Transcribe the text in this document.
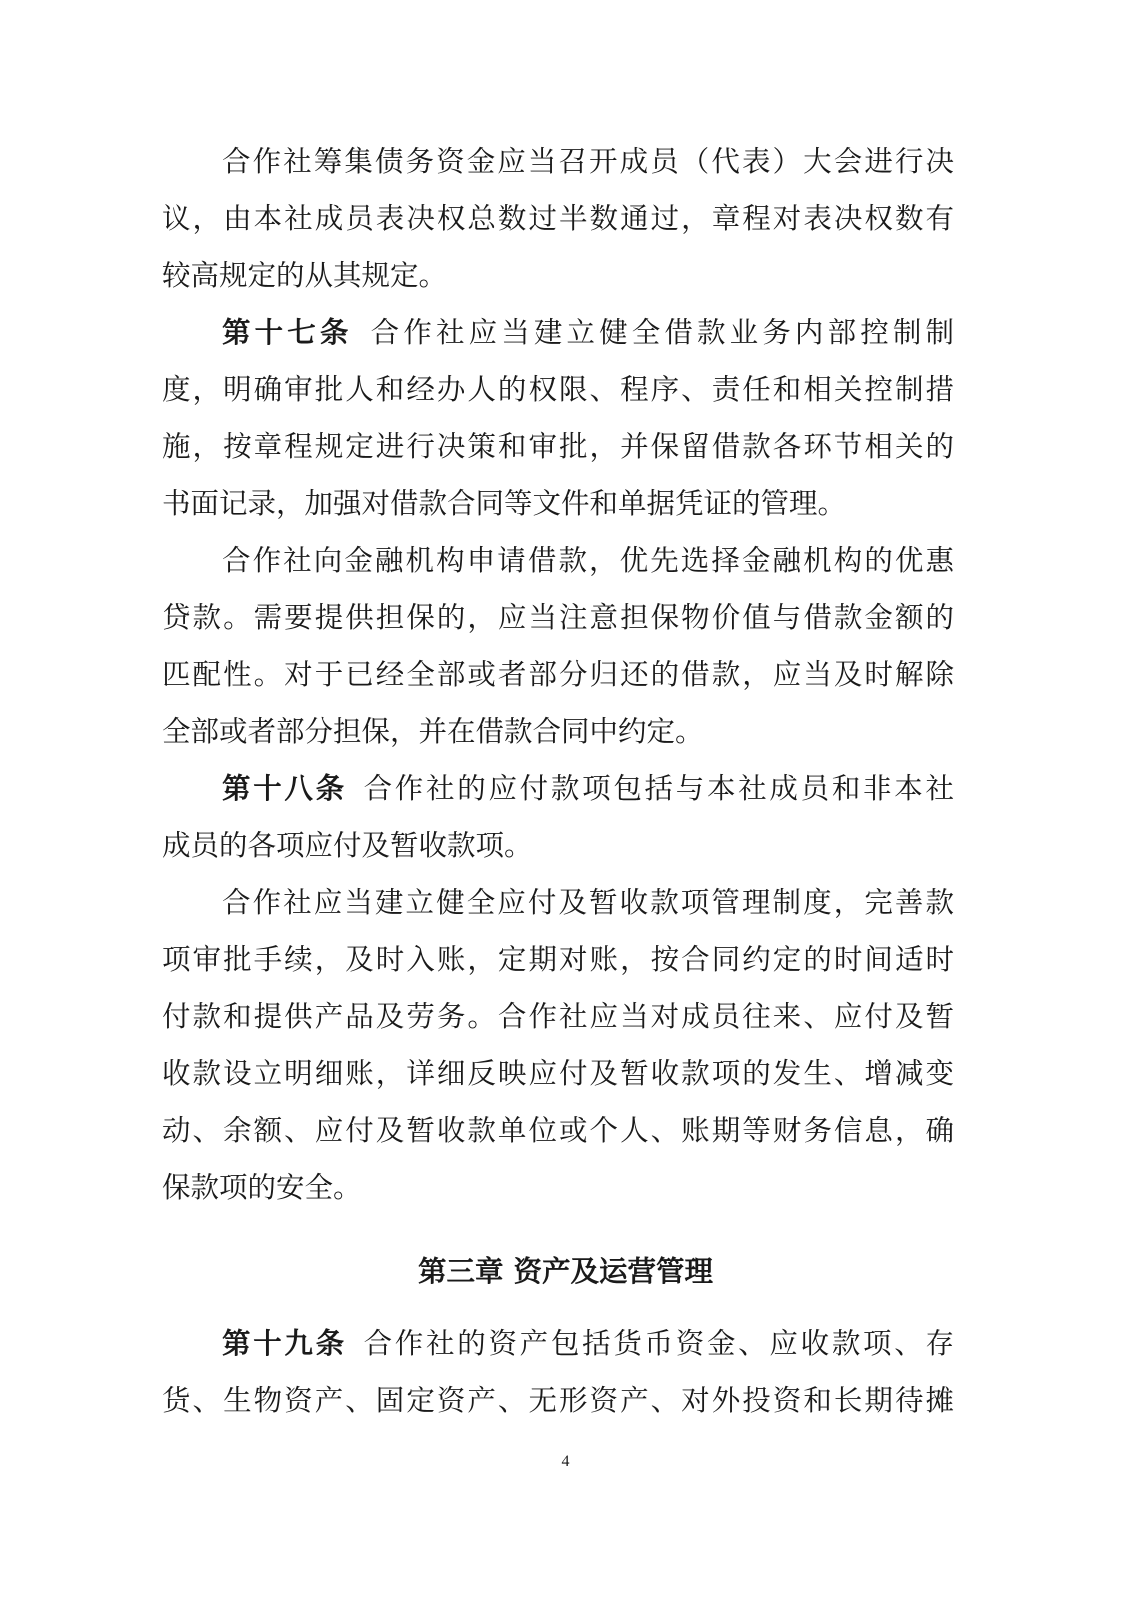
合作社筹集债务资金应当召开成员（代表）大会进行决
议，由本社成员表决权总数过半数通过，章程对表决权数有
较高规定的从其规定。
第十七条 合作社应当建立健全借款业务内部控制制
度，明确审批人和经办人的权限、程序、责任和相关控制措
施，按章程规定进行决策和审批，并保留借款各环节相关的
书面记录，加强对借款合同等文件和单据凭证的管理。
合作社向金融机构申请借款，优先选择金融机构的优惠
贷款。需要提供担保的，应当注意担保物价值与借款金额的
匹配性。对于已经全部或者部分归还的借款，应当及时解除
全部或者部分担保，并在借款合同中约定。
第十八条 合作社的应付款项包括与本社成员和非本社
成员的各项应付及暂收款项。
合作社应当建立健全应付及暂收款项管理制度，完善款
项审批手续，及时入账，定期对账，按合同约定的时间适时
付款和提供产品及劳务。合作社应当对成员往来、应付及暂
收款设立明细账，详细反映应付及暂收款项的发生、增减变
动、余额、应付及暂收款单位或个人、账期等财务信息，确
保款项的安全。
第三章 资产及运营管理
第十九条 合作社的资产包括货币资金、应收款项、存
货、生物资产、固定资产、无形资产、对外投资和长期待摊
4
